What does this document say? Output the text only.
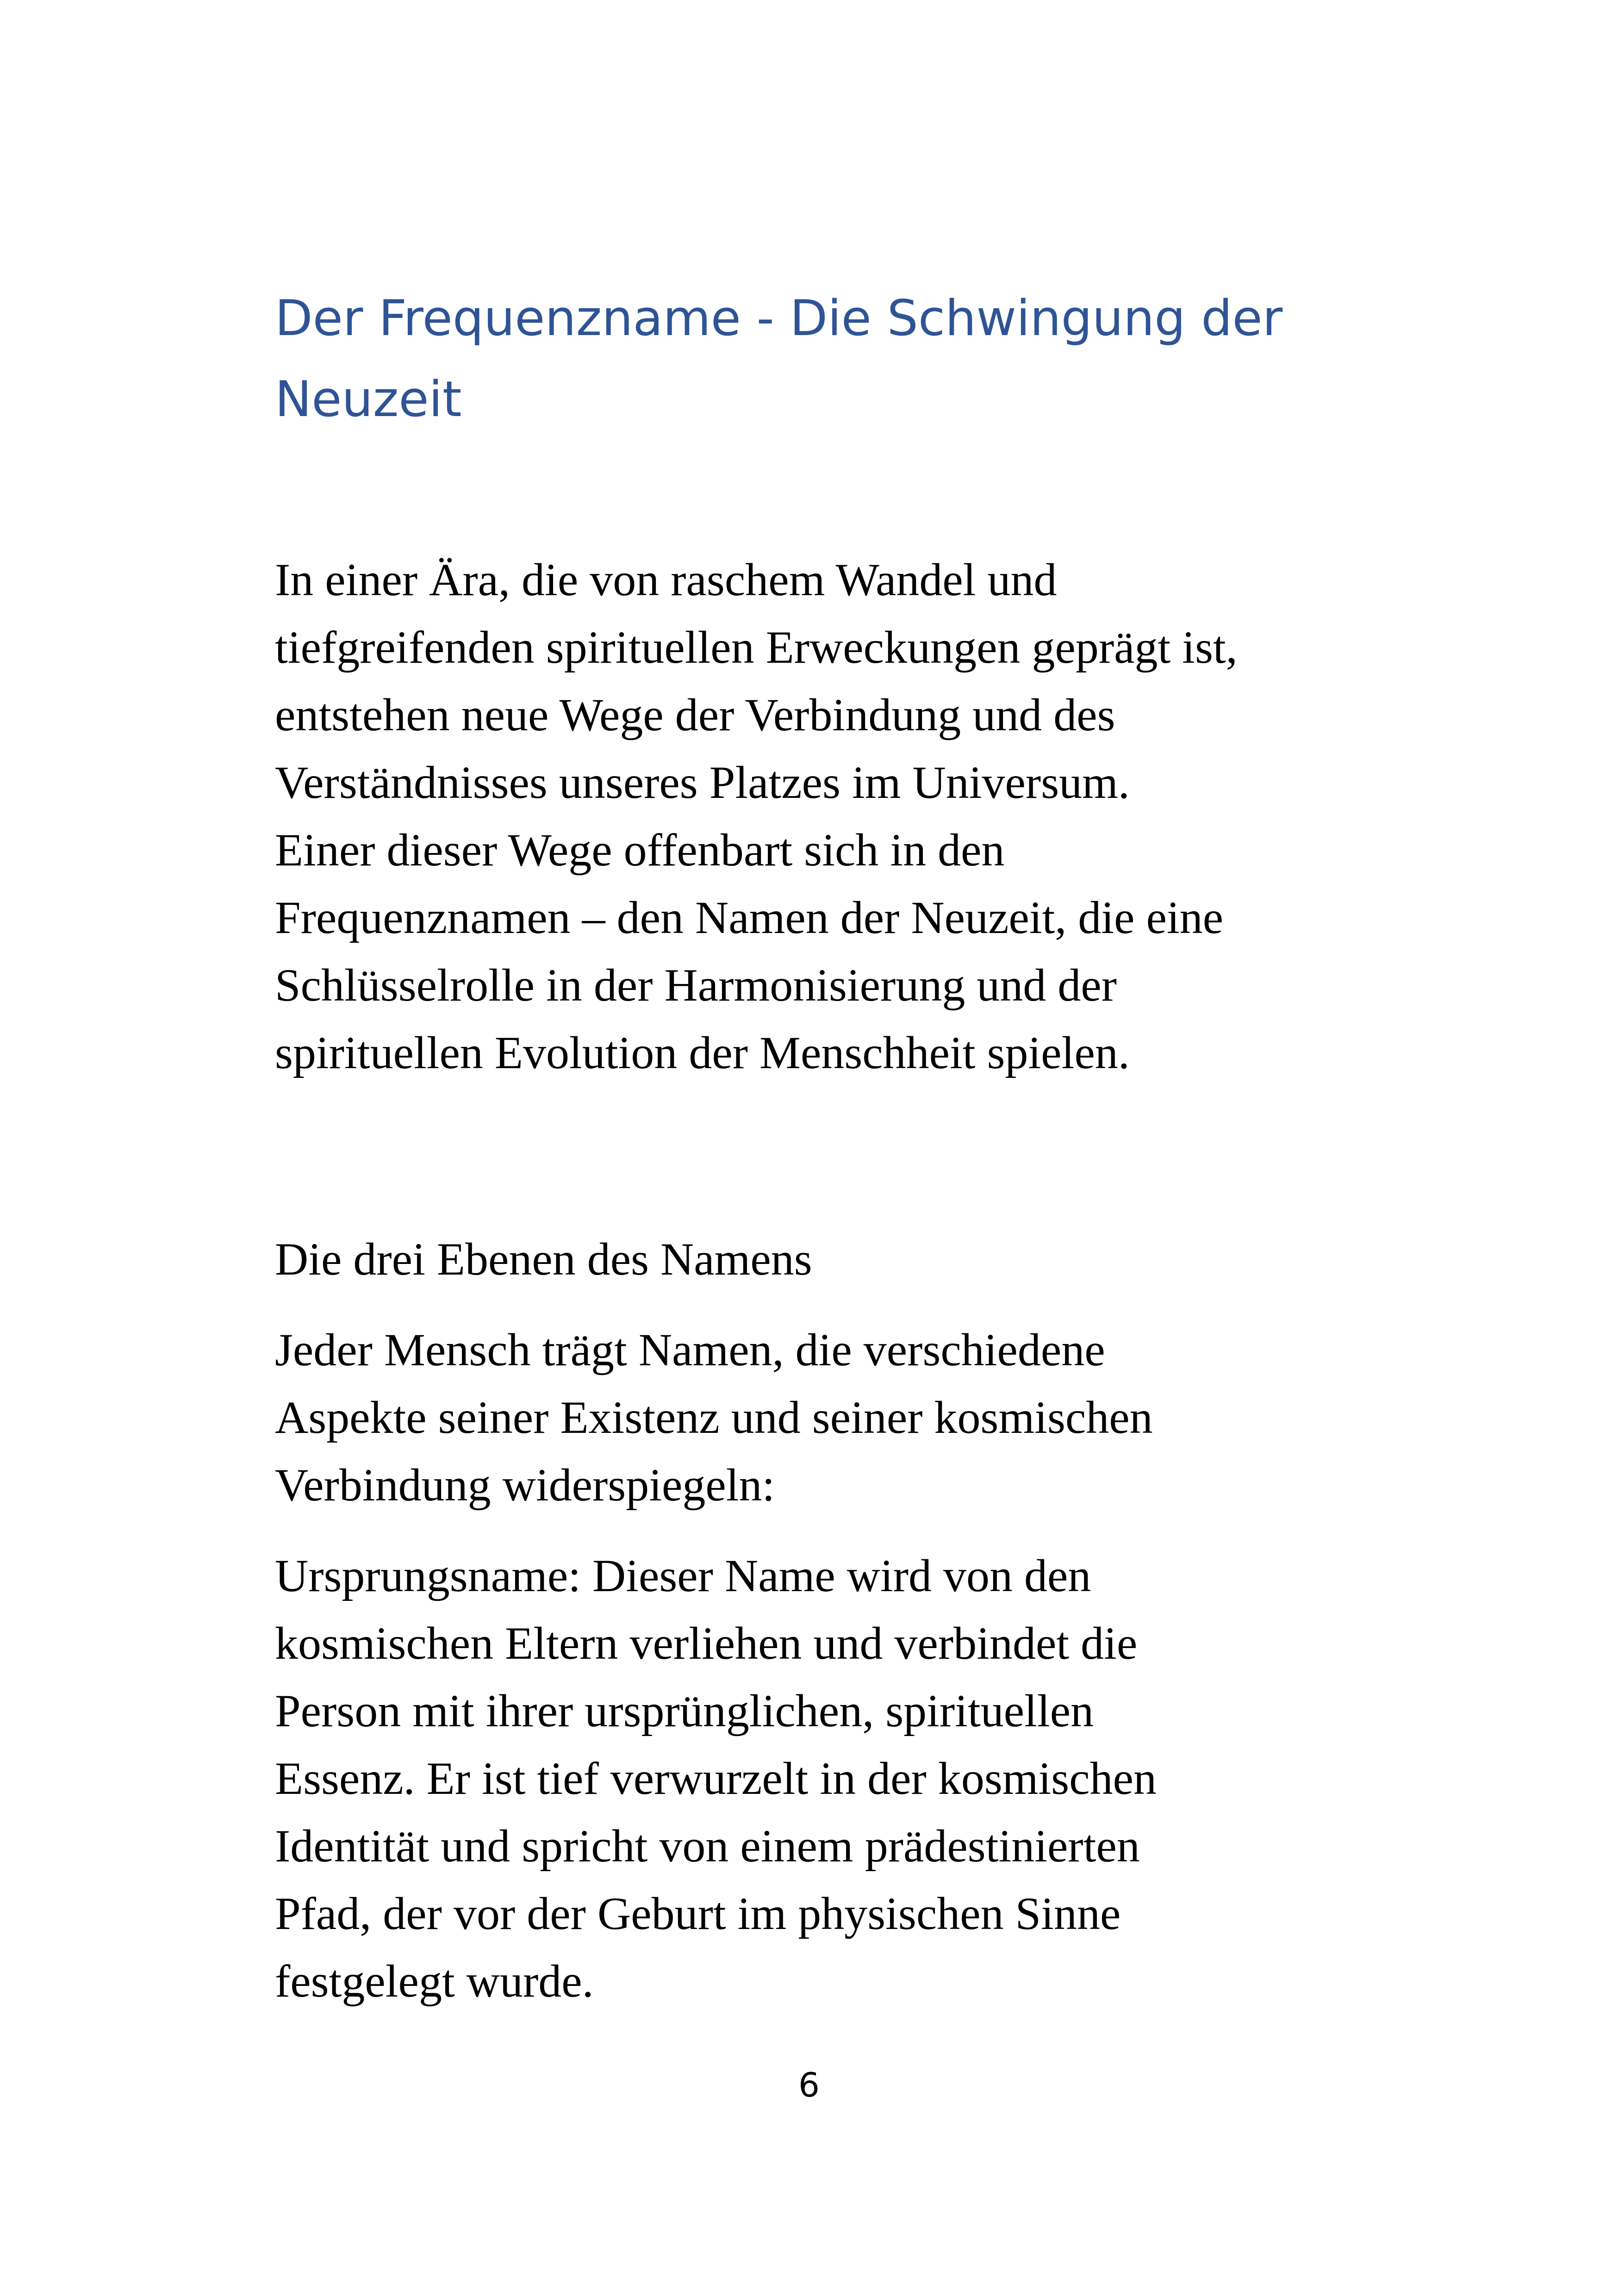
Der Frequenzname - Die Schwingung der
Neuzeit

In einer Ära, die von raschem Wandel und
tiefgreifenden spirituellen Erweckungen geprägt ist,
entstehen neue Wege der Verbindung und des
Verständnisses unseres Platzes im Universum.
Einer dieser Wege offenbart sich in den
Frequenznamen – den Namen der Neuzeit, die eine
Schlüsselrolle in der Harmonisierung und der
spirituellen Evolution der Menschheit spielen.

Die drei Ebenen des Namens

Jeder Mensch trägt Namen, die verschiedene
Aspekte seiner Existenz und seiner kosmischen
Verbindung widerspiegeln:

Ursprungsname: Dieser Name wird von den
kosmischen Eltern verliehen und verbindet die
Person mit ihrer ursprünglichen, spirituellen
Essenz. Er ist tief verwurzelt in der kosmischen
Identität und spricht von einem prädestinierten
Pfad, der vor der Geburt im physischen Sinne
festgelegt wurde.

6
